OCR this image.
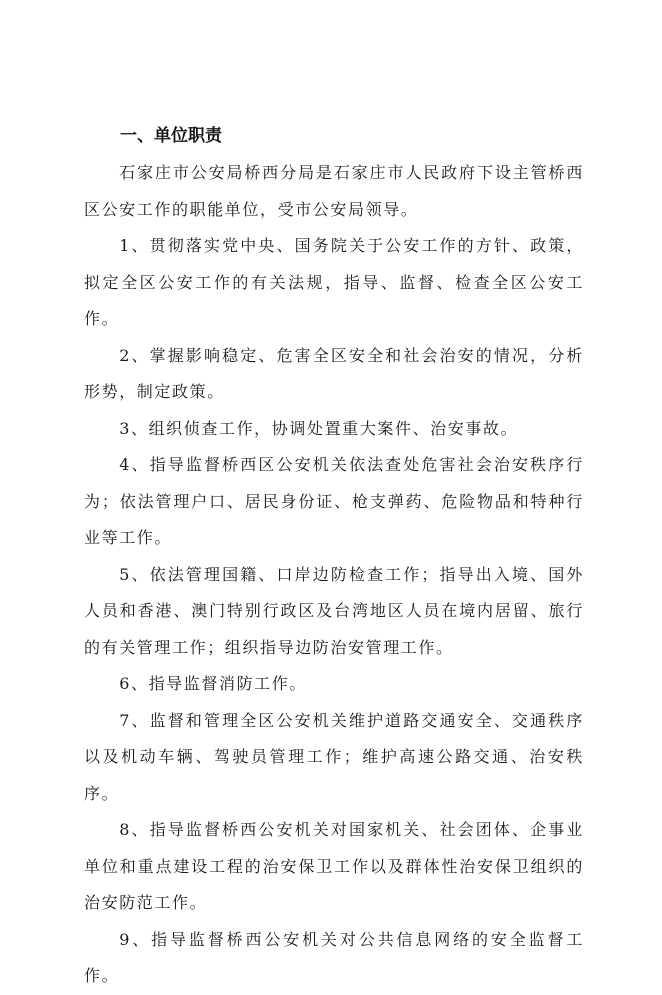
一、单位职责

石家庄市公安局桥西分局是石家庄市人民政府下设主管桥西区公安工作的职能单位，受市公安局领导。

1、贯彻落实党中央、国务院关于公安工作的方针、政策，拟定全区公安工作的有关法规，指导、监督、检查全区公安工作。

2、掌握影响稳定、危害全区安全和社会治安的情况，分析形势，制定政策。

3、组织侦查工作，协调处置重大案件、治安事故。

4、指导监督桥西区公安机关依法查处危害社会治安秩序行为；依法管理户口、居民身份证、枪支弹药、危险物品和特种行业等工作。

5、依法管理国籍、口岸边防检查工作；指导出入境、国外人员和香港、澳门特别行政区及台湾地区人员在境内居留、旅行的有关管理工作；组织指导边防治安管理工作。

6、指导监督消防工作。

7、监督和管理全区公安机关维护道路交通安全、交通秩序以及机动车辆、驾驶员管理工作；维护高速公路交通、治安秩序。

8、指导监督桥西公安机关对国家机关、社会团体、企事业单位和重点建设工程的治安保卫工作以及群体性治安保卫组织的治安防范工作。

9、指导监督桥西公安机关对公共信息网络的安全监督工作。
